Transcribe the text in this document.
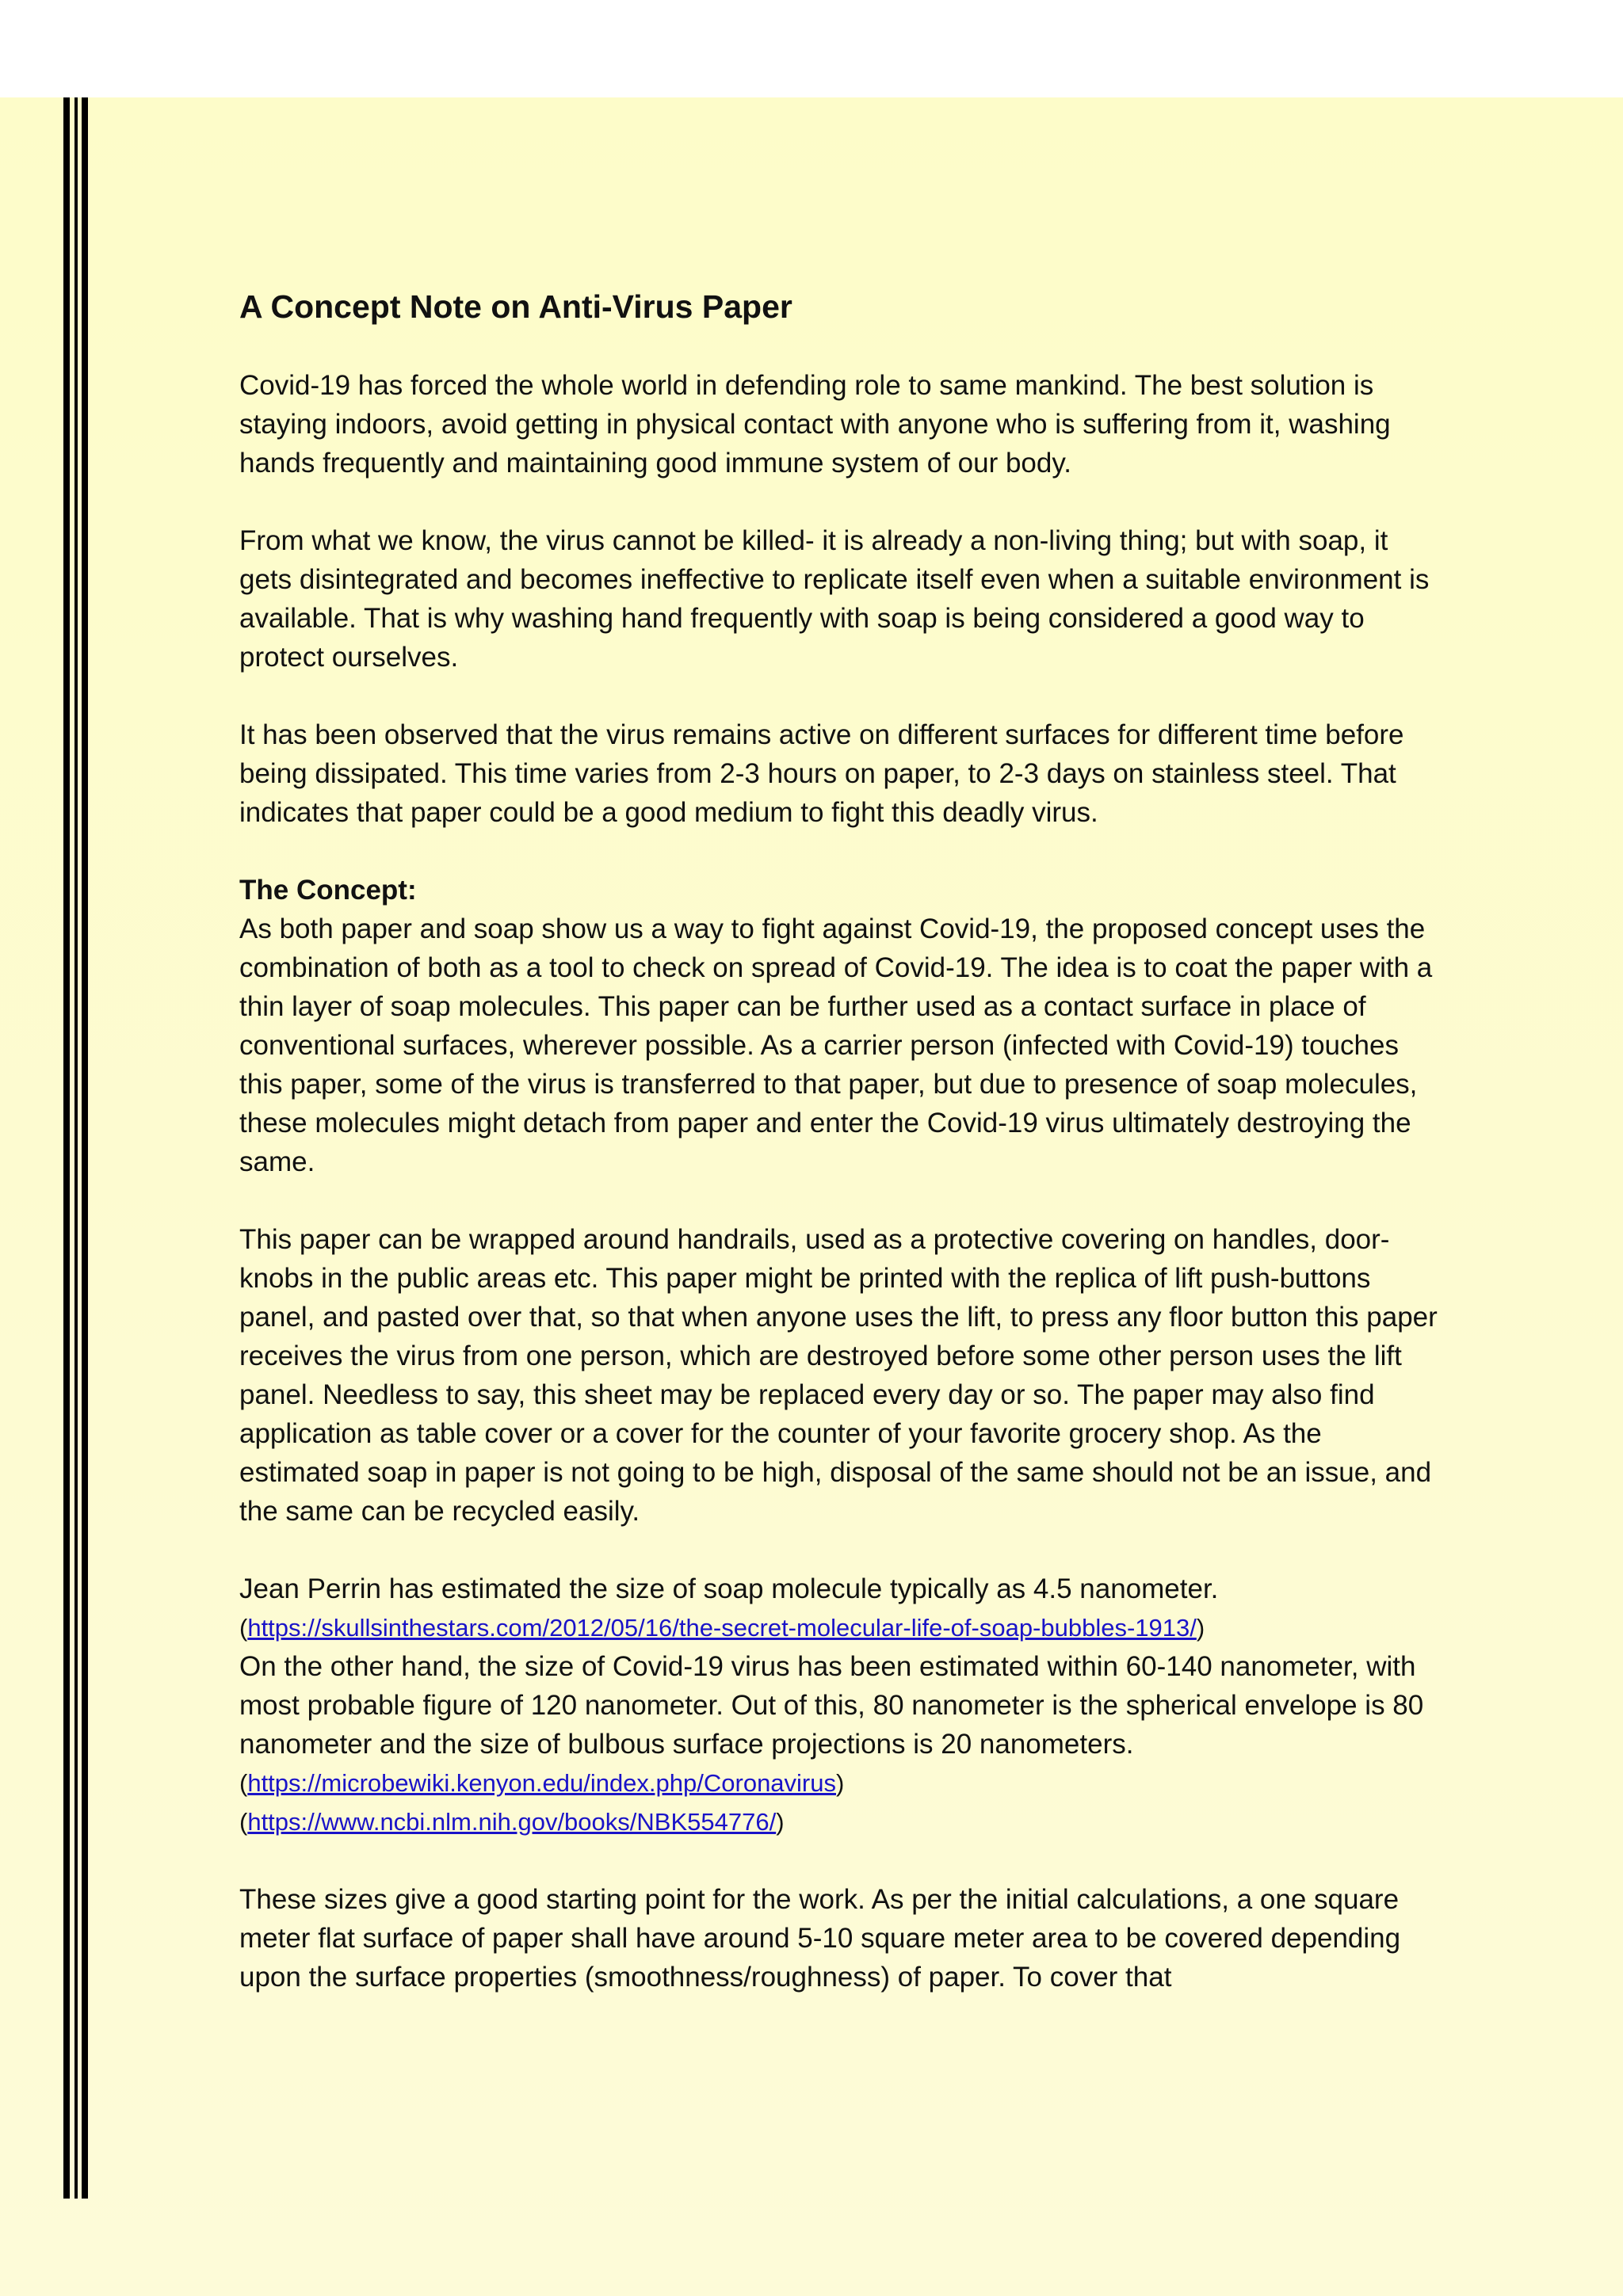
A Concept Note on Anti-Virus Paper

Covid-19 has forced the whole world in defending role to same mankind. The best solution is staying indoors, avoid getting in physical contact with anyone who is suffering from it, washing hands frequently and maintaining good immune system of our body.

From what we know, the virus cannot be killed- it is already a non-living thing; but with soap, it gets disintegrated and becomes ineffective to replicate itself even when a suitable environment is available. That is why washing hand frequently with soap is being considered a good way to protect ourselves.

It has been observed that the virus remains active on different surfaces for different time before being dissipated. This time varies from 2-3 hours on paper, to 2-3 days on stainless steel. That indicates that paper could be a good medium to fight this deadly virus.

The Concept:
As both paper and soap show us a way to fight against Covid-19, the proposed concept uses the combination of both as a tool to check on spread of Covid-19. The idea is to coat the paper with a thin layer of soap molecules. This paper can be further used as a contact surface in place of conventional surfaces, wherever possible. As a carrier person (infected with Covid-19) touches this paper, some of the virus is transferred to that paper, but due to presence of soap molecules, these molecules might detach from paper and enter the Covid-19 virus ultimately destroying the same.

This paper can be wrapped around handrails, used as a protective covering on handles, door-knobs in the public areas etc. This paper might be printed with the replica of lift push-buttons panel, and pasted over that, so that when anyone uses the lift, to press any floor button this paper receives the virus from one person, which are destroyed before some other person uses the lift panel. Needless to say, this sheet may be replaced every day or so. The paper may also find application as table cover or a cover for the counter of your favorite grocery shop. As the estimated soap in paper is not going to be high, disposal of the same should not be an issue, and the same can be recycled easily.

Jean Perrin has estimated the size of soap molecule typically as 4.5 nanometer.
(https://skullsinthestars.com/2012/05/16/the-secret-molecular-life-of-soap-bubbles-1913/)
On the other hand, the size of Covid-19 virus has been estimated within 60-140 nanometer, with most probable figure of 120 nanometer. Out of this, 80 nanometer is the spherical envelope is 80 nanometer and the size of bulbous surface projections is 20 nanometers.
(https://microbewiki.kenyon.edu/index.php/Coronavirus)
(https://www.ncbi.nlm.nih.gov/books/NBK554776/)

These sizes give a good starting point for the work. As per the initial calculations, a one square meter flat surface of paper shall have around 5-10 square meter area to be covered depending upon the surface properties (smoothness/roughness) of paper. To cover that
